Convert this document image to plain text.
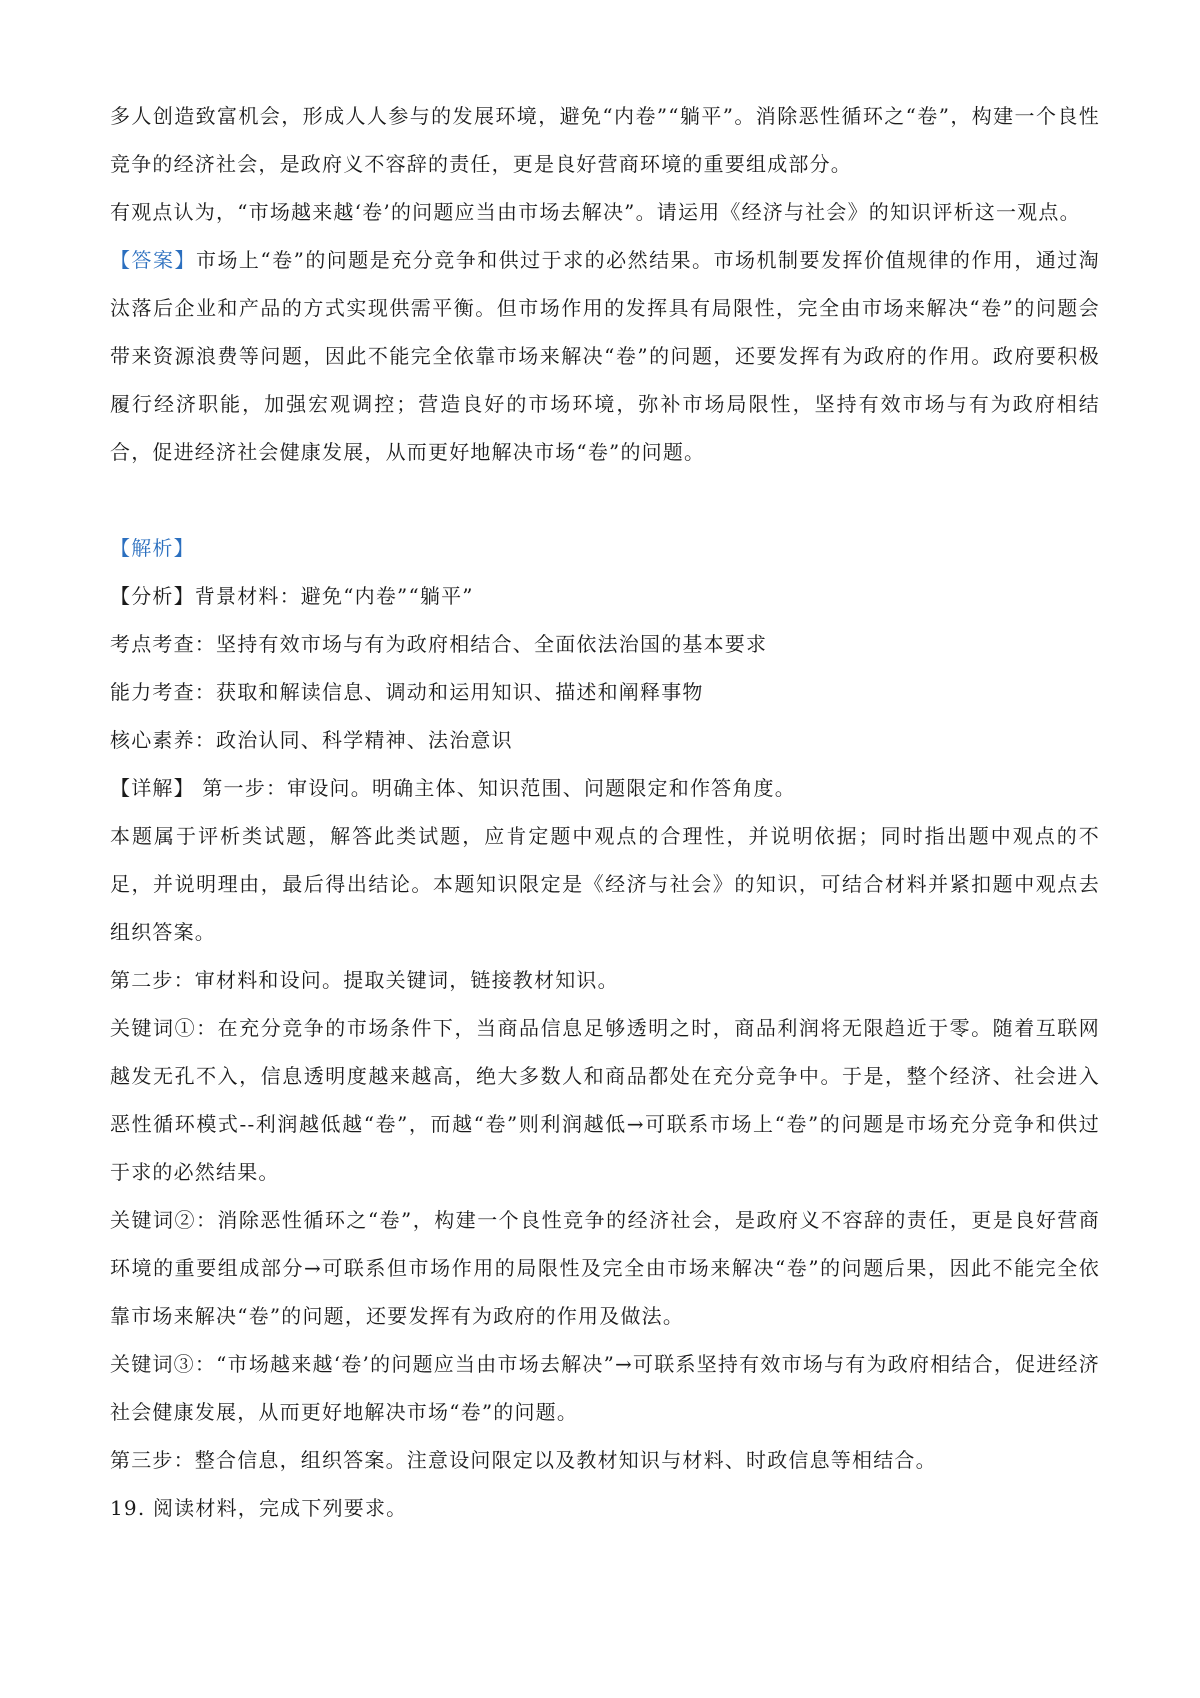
多人创造致富机会，形成人人参与的发展环境，避免“内卷”“躺平”。消除恶性循环之“卷”，构建一个良性竞争的经济社会，是政府义不容辞的责任，更是良好营商环境的重要组成部分。

有观点认为，“市场越来越‘卷’的问题应当由市场去解决”。请运用《经济与社会》的知识评析这一观点。

【答案】市场上“卷”的问题是充分竞争和供过于求的必然结果。市场机制要发挥价值规律的作用，通过淘汰落后企业和产品的方式实现供需平衡。但市场作用的发挥具有局限性，完全由市场来解决“卷”的问题会带来资源浪费等问题，因此不能完全依靠市场来解决“卷”的问题，还要发挥有为政府的作用。政府要积极履行经济职能，加强宏观调控；营造良好的市场环境，弥补市场局限性，坚持有效市场与有为政府相结合，促进经济社会健康发展，从而更好地解决市场“卷”的问题。

【解析】

【分析】背景材料：避免“内卷”“躺平”

考点考查：坚持有效市场与有为政府相结合、全面依法治国的基本要求

能力考查：获取和解读信息、调动和运用知识、描述和阐释事物

核心素养：政治认同、科学精神、法治意识

【详解】 第一步：审设问。明确主体、知识范围、问题限定和作答角度。

本题属于评析类试题，解答此类试题，应肯定题中观点的合理性，并说明依据；同时指出题中观点的不足，并说明理由，最后得出结论。本题知识限定是《经济与社会》的知识，可结合材料并紧扣题中观点去组织答案。

第二步：审材料和设问。提取关键词，链接教材知识。

关键词①：在充分竞争的市场条件下，当商品信息足够透明之时，商品利润将无限趋近于零。随着互联网越发无孔不入，信息透明度越来越高，绝大多数人和商品都处在充分竞争中。于是，整个经济、社会进入恶性循环模式--利润越低越“卷”，而越“卷”则利润越低→可联系市场上“卷”的问题是市场充分竞争和供过于求的必然结果。

关键词②：消除恶性循环之“卷”，构建一个良性竞争的经济社会，是政府义不容辞的责任，更是良好营商环境的重要组成部分→可联系但市场作用的局限性及完全由市场来解决“卷”的问题后果，因此不能完全依靠市场来解决“卷”的问题，还要发挥有为政府的作用及做法。

关键词③：“市场越来越‘卷’的问题应当由市场去解决”→可联系坚持有效市场与有为政府相结合，促进经济社会健康发展，从而更好地解决市场“卷”的问题。

第三步：整合信息，组织答案。注意设问限定以及教材知识与材料、时政信息等相结合。

19. 阅读材料，完成下列要求。
